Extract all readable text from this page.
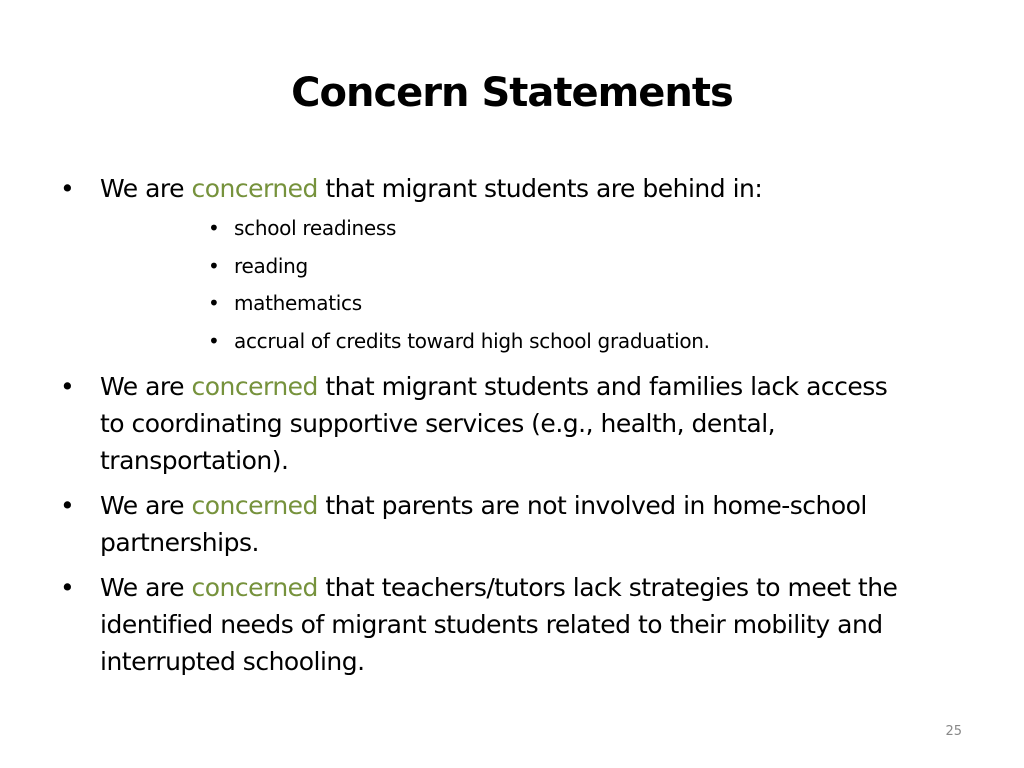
Concern Statements
• We are concerned that migrant students are behind in:
• school readiness
• reading
• mathematics
• accrual of credits toward high school graduation.
• We are concerned that migrant students and families lack access to coordinating supportive services (e.g., health, dental, transportation).
• We are concerned that parents are not involved in home-school partnerships.
• We are concerned that teachers/tutors lack strategies to meet the identified needs of migrant students related to their mobility and interrupted schooling.
25
